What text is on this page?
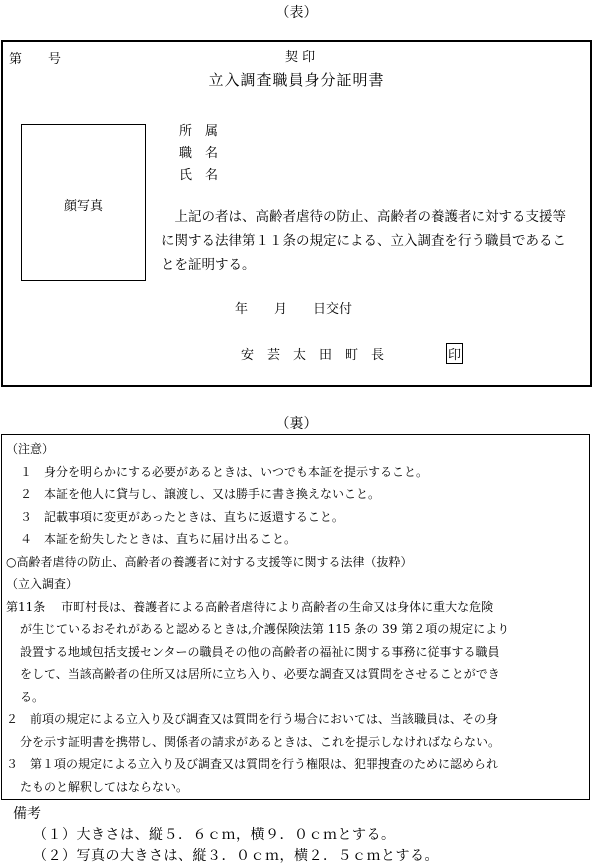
（表）
第　　号	契 印
立入調査職員身分証明書
顔写真
所　属
職　名
氏　名
　上記の者は、高齢者虐待の防止、高齢者の養護者に対する支援等に関する法律第１１条の規定による、立入調査を行う職員であることを証明する。
年　　月　　日交付
安　芸　太　田　町　長	印
（裏）
（注意）
１　身分を明らかにする必要があるときは、いつでも本証を提示すること。
２　本証を他人に貸与し、譲渡し、又は勝手に書き換えないこと。
３　記載事項に変更があったときは、直ちに返還すること。
４　本証を紛失したときは、直ちに届け出ること。
○高齢者虐待の防止、高齢者の養護者に対する支援等に関する法律（抜粋）
（立入調査）
第11条　 市町村長は、養護者による高齢者虐待により高齢者の生命又は身体に重大な危険
が生じているおそれがあると認めるときは,介護保険法第 115 条の 39 第２項の規定により
設置する地域包括支援センターの職員その他の高齢者の福祉に関する事務に従事する職員
をして、当該高齢者の住所又は居所に立ち入り、必要な調査又は質問をさせることができ
る。
２　前項の規定による立入り及び調査又は質問を行う場合においては、当該職員は、その身
分を示す証明書を携帯し、関係者の請求があるときは、これを提示しなければならない。
３　第１項の規定による立入り及び調査又は質問を行う権限は、犯罪捜査のために認められ
たものと解釈してはならない。
備考
（１）大きさは、縦５．６ｃｍ，横９．０ｃｍとする。
（２）写真の大きさは、縦３．０ｃｍ，横２．５ｃｍとする。
